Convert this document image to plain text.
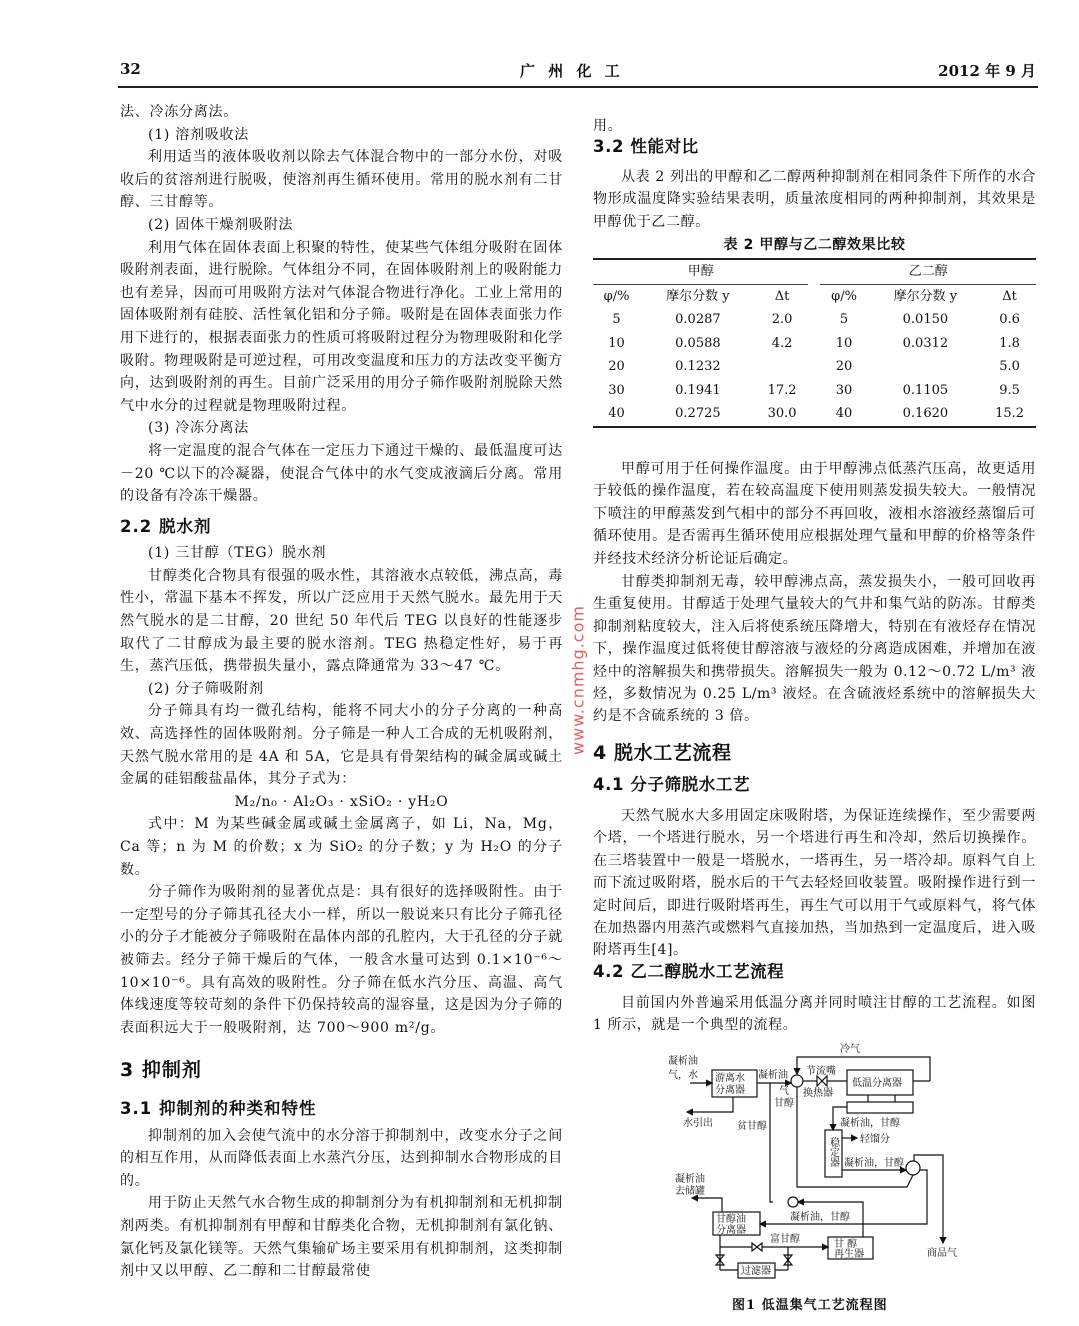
32	广 州 化 工	2012 年 9 月

法、冷冻分离法。

(1) 溶剂吸收法

利用适当的液体吸收剂以除去气体混合物中的一部分水份，对吸收后的贫溶剂进行脱吸，使溶剂再生循环使用。常用的脱水剂有二甘醇、三甘醇等。

(2) 固体干燥剂吸附法

利用气体在固体表面上积聚的特性，使某些气体组分吸附在固体吸附剂表面，进行脱除。气体组分不同，在固体吸附剂上的吸附能力也有差异，因而可用吸附方法对气体混合物进行净化。工业上常用的固体吸附剂有硅胶、活性氧化铝和分子筛。吸附是在固体表面张力作用下进行的，根据表面张力的性质可将吸附过程分为物理吸附和化学吸附。物理吸附是可逆过程，可用改变温度和压力的方法改变平衡方向，达到吸附剂的再生。目前广泛采用的用分子筛作吸附剂脱除天然气中水分的过程就是物理吸附过程。

(3) 冷冻分离法

将一定温度的混合气体在一定压力下通过干燥的、最低温度可达－20 ℃以下的冷凝器，使混合气体中的水气变成液滴后分离。常用的设备有冷冻干燥器。

2.2 脱水剂

(1) 三甘醇（TEG）脱水剂

甘醇类化合物具有很强的吸水性，其溶液水点较低，沸点高，毒性小，常温下基本不挥发，所以广泛应用于天然气脱水。最先用于天然气脱水的是二甘醇，20 世纪 50 年代后 TEG 以良好的性能逐步取代了二甘醇成为最主要的脱水溶剂。TEG 热稳定性好，易于再生，蒸汽压低，携带损失量小，露点降通常为 33～47 ℃。

(2) 分子筛吸附剂

分子筛具有均一微孔结构，能将不同大小的分子分离的一种高效、高选择性的固体吸附剂。分子筛是一种人工合成的无机吸附剂，天然气脱水常用的是 4A 和 5A，它是具有骨架结构的碱金属或碱土金属的硅铝酸盐晶体，其分子式为：

M₂/n₀ · Al₂O₃ · xSiO₂ · yH₂O

式中：M 为某些碱金属或碱土金属离子，如 Li，Na，Mg，Ca 等；n 为 M 的价数；x 为 SiO₂ 的分子数；y 为 H₂O 的分子数。

分子筛作为吸附剂的显著优点是：具有很好的选择吸附性。由于一定型号的分子筛其孔径大小一样，所以一般说来只有比分子筛孔径小的分子才能被分子筛吸附在晶体内部的孔腔内，大于孔径的分子就被筛去。经分子筛干燥后的气体，一般含水量可达到 0.1×10⁻⁶～10×10⁻⁶。具有高效的吸附性。分子筛在低水汽分压、高温、高气体线速度等较苛刻的条件下仍保持较高的湿容量，这是因为分子筛的表面积远大于一般吸附剂，达 700～900 m²/g。

3 抑制剂
3.1 抑制剂的种类和特性

抑制剂的加入会使气流中的水分溶于抑制剂中，改变水分子之间的相互作用，从而降低表面上水蒸汽分压，达到抑制水合物形成的目的。

用于防止天然气水合物生成的抑制剂分为有机抑制剂和无机抑制剂两类。有机抑制剂有甲醇和甘醇类化合物，无机抑制剂有氯化钠、氯化钙及氯化镁等。天然气集输矿场主要采用有机抑制剂，这类抑制剂中又以甲醇、乙二醇和二甘醇最常使

用。

3.2 性能对比

从表 2 列出的甲醇和乙二醇两种抑制剂在相同条件下所作的水合物形成温度降实验结果表明，质量浓度相同的两种抑制剂，其效果是甲醇优于乙二醇。

表 2 甲醇与乙二醇效果比较
甲醇				乙二醇		
φ/%	摩尔分数 y	Δt		φ/%	摩尔分数 y	Δt
5	0.0287	2.0		5	0.0150	0.6
10	0.0588	4.2		10	0.0312	1.8
20	0.1232			20		5.0
30	0.1941	17.2		30	0.1105	9.5
40	0.2725	30.0		40	0.1620	15.2

甲醇可用于任何操作温度。由于甲醇沸点低蒸汽压高，故更适用于较低的操作温度，若在较高温度下使用则蒸发损失较大。一般情况下喷注的甲醇蒸发到气相中的部分不再回收，液相水溶液经蒸馏后可循环使用。是否需再生循环使用应根据处理气量和甲醇的价格等条件并经技术经济分析论证后确定。

甘醇类抑制剂无毒，较甲醇沸点高，蒸发损失小，一般可回收再生重复使用。甘醇适于处理气量较大的气井和集气站的防冻。甘醇类抑制剂粘度较大，注入后将使系统压降增大，特别在有液烃存在情况下，操作温度过低将使甘醇溶液与液烃的分离造成困难，并增加在液烃中的溶解损失和携带损失。溶解损失一般为 0.12～0.72 L/m³ 液烃，多数情况为 0.25 L/m³ 液烃。在含硫液烃系统中的溶解损失大约是不含硫系统的 3 倍。

4 脱水工艺流程
4.1 分子筛脱水工艺

天然气脱水大多用固定床吸附塔，为保证连续操作，至少需要两个塔，一个塔进行脱水，另一个塔进行再生和冷却，然后切换操作。在三塔装置中一般是一塔脱水，一塔再生，另一塔冷却。原料气自上而下流过吸附塔，脱水后的干气去轻烃回收装置。吸附操作进行到一定时间后，即进行吸附塔再生，再生气可以用干气或原料气，将气体在加热器内用蒸汽或燃料气直接加热，当加热到一定温度后，进入吸附塔再生[4]。

4.2 乙二醇脱水工艺流程

目前国内外普遍采用低温分离并同时喷注甘醇的工艺流程。如图 1 所示，就是一个典型的流程。

凝析油
气，水 游离水
分离器
凝析油
气
甘醇
节流嘴
冷气
低温分离器
换热器
水引出 贫甘醇	凝析油，甘醇
稳定器 轻馏分
凝析油，甘醇
凝析油
去储罐
甘醇油
分离器
凝析油，甘醇
富甘醇	甘 醇
再生器
过滤器
商品气
图1 低温集气工艺流程图
www.cnmhg.com
